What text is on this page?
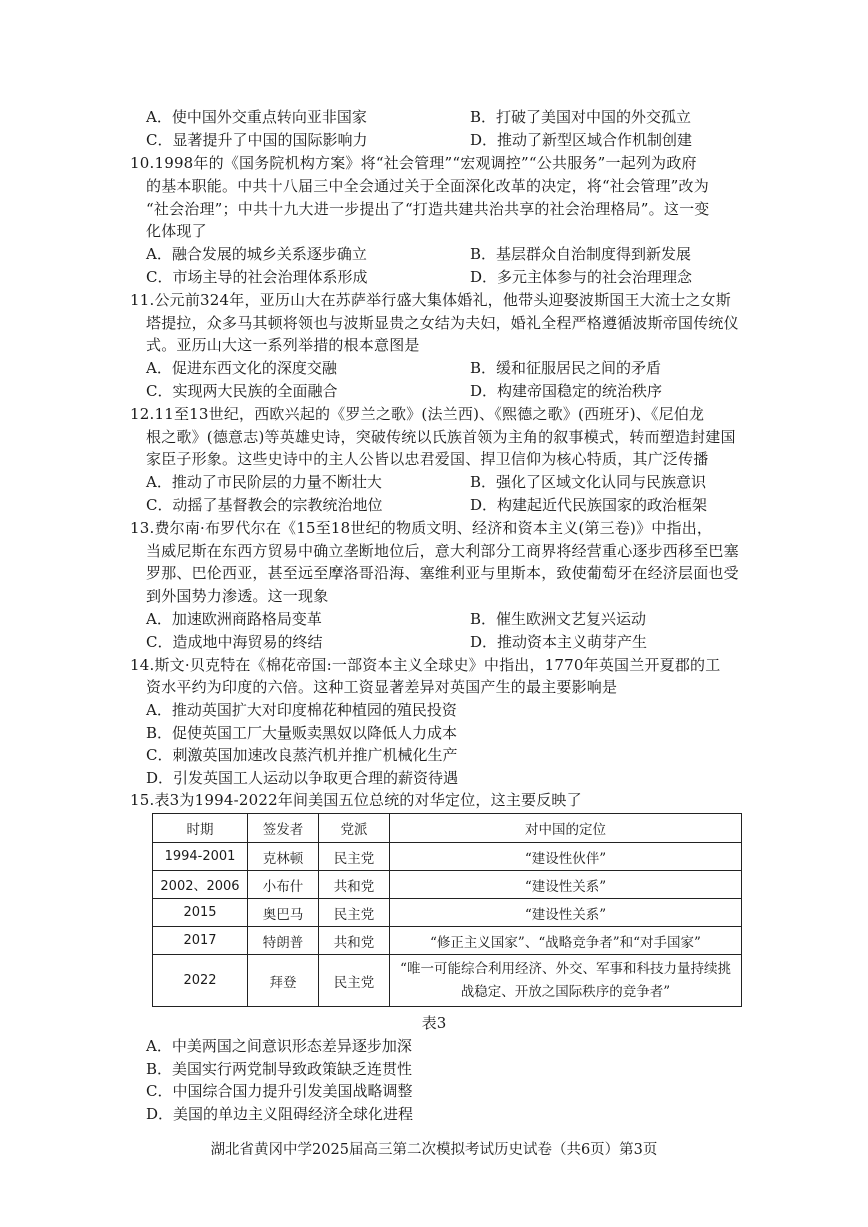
A．使中国外交重点转向亚非国家	B．打破了美国对中国的外交孤立
C．显著提升了中国的国际影响力	D．推动了新型区域合作机制创建
10.1998年的《国务院机构方案》将“社会管理”“宏观调控”“公共服务”一起列为政府
的基本职能。中共十八届三中全会通过关于全面深化改革的决定，将“社会管理”改为
“社会治理”；中共十九大进一步提出了“打造共建共治共享的社会治理格局”。这一变
化体现了
A．融合发展的城乡关系逐步确立	B．基层群众自治制度得到新发展
C．市场主导的社会治理体系形成	D．多元主体参与的社会治理理念
11.公元前324年，亚历山大在苏萨举行盛大集体婚礼，他带头迎娶波斯国王大流士之女斯
塔提拉，众多马其顿将领也与波斯显贵之女结为夫妇，婚礼全程严格遵循波斯帝国传统仪
式。亚历山大这一系列举措的根本意图是
A．促进东西文化的深度交融	B．缓和征服居民之间的矛盾
C．实现两大民族的全面融合	D．构建帝国稳定的统治秩序
12.11至13世纪，西欧兴起的《罗兰之歌》(法兰西)、《熙德之歌》(西班牙)、《尼伯龙
根之歌》(德意志)等英雄史诗，突破传统以氏族首领为主角的叙事模式，转而塑造封建国
家臣子形象。这些史诗中的主人公皆以忠君爱国、捍卫信仰为核心特质，其广泛传播
A．推动了市民阶层的力量不断壮大	B．强化了区域文化认同与民族意识
C．动摇了基督教会的宗教统治地位	D．构建起近代民族国家的政治框架
13.费尔南·布罗代尔在《15至18世纪的物质文明、经济和资本主义(第三卷)》中指出，
当威尼斯在东西方贸易中确立垄断地位后，意大利部分工商界将经营重心逐步西移至巴塞
罗那、巴伦西亚，甚至远至摩洛哥沿海、塞维利亚与里斯本，致使葡萄牙在经济层面也受
到外国势力渗透。这一现象
A．加速欧洲商路格局变革	B．催生欧洲文艺复兴运动
C．造成地中海贸易的终结	D．推动资本主义萌芽产生
14.斯文·贝克特在《棉花帝国:一部资本主义全球史》中指出，1770年英国兰开夏郡的工
资水平约为印度的六倍。这种工资显著差异对英国产生的最主要影响是
A．推动英国扩大对印度棉花种植园的殖民投资
B．促使英国工厂大量贩卖黑奴以降低人力成本
C．刺激英国加速改良蒸汽机并推广机械化生产
D．引发英国工人运动以争取更合理的薪资待遇
15.表3为1994-2022年间美国五位总统的对华定位，这主要反映了
时期	签发者	党派	对中国的定位
1994-2001	克林顿	民主党	“建设性伙伴”
2002、2006	小布什	共和党	“建设性关系”
2015	奥巴马	民主党	“建设性关系”
2017	特朗普	共和党	“修正主义国家”、“战略竞争者”和“对手国家”
2022	拜登	民主党	“唯一可能综合利用经济、外交、军事和科技力量持续挑
战稳定、开放之国际秩序的竞争者”
表3
A．中美两国之间意识形态差异逐步加深
B．美国实行两党制导致政策缺乏连贯性
C．中国综合国力提升引发美国战略调整
D．美国的单边主义阻碍经济全球化进程
湖北省黄冈中学2025届高三第二次模拟考试历史试卷（共6页）第3页
